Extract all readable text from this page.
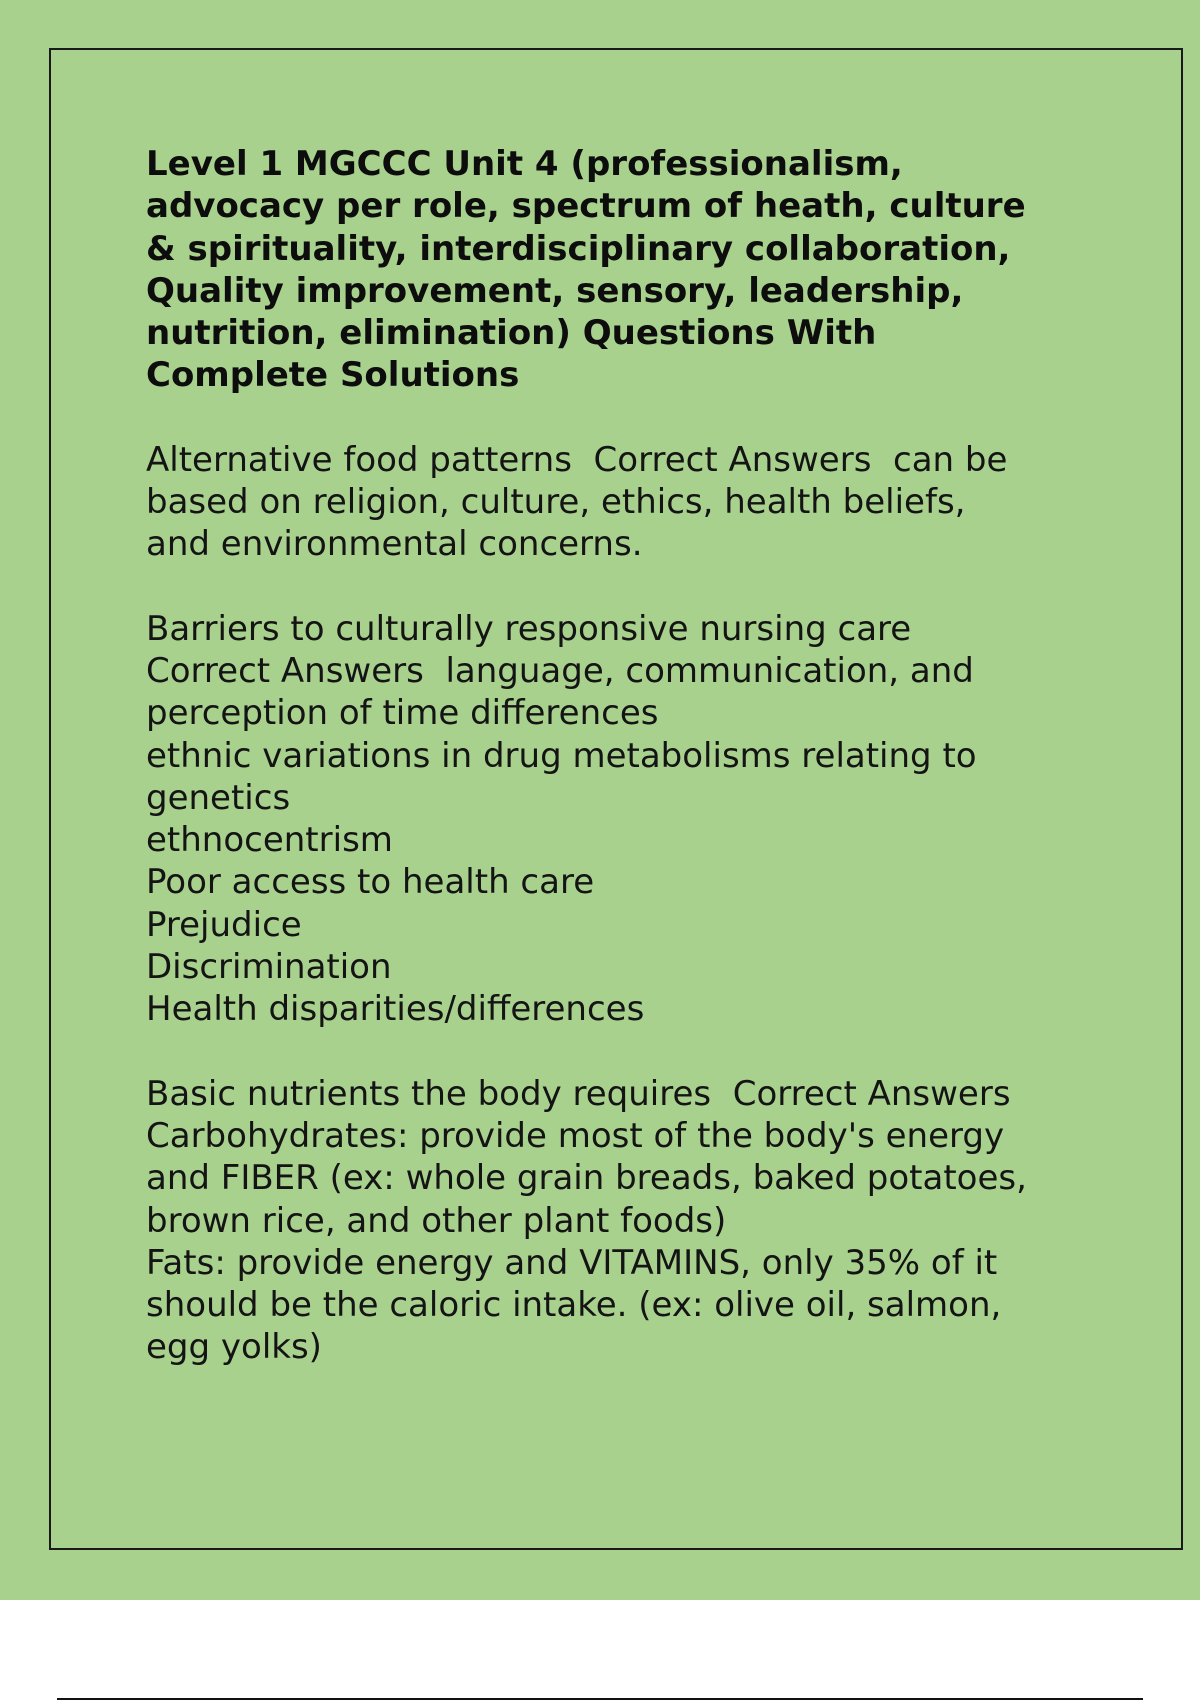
Level 1 MGCCC Unit 4 (professionalism,
advocacy per role, spectrum of heath, culture
& spirituality, interdisciplinary collaboration,
Quality improvement, sensory, leadership,
nutrition, elimination) Questions With
Complete Solutions
Alternative food patterns  Correct Answers  can be
based on religion, culture, ethics, health beliefs,
and environmental concerns.
Barriers to culturally responsive nursing care
Correct Answers  language, communication, and
perception of time differences
ethnic variations in drug metabolisms relating to
genetics
ethnocentrism
Poor access to health care
Prejudice
Discrimination
Health disparities/differences
Basic nutrients the body requires  Correct Answers
Carbohydrates: provide most of the body's energy
and FIBER (ex: whole grain breads, baked potatoes,
brown rice, and other plant foods)
Fats: provide energy and VITAMINS, only 35% of it
should be the caloric intake. (ex: olive oil, salmon,
egg yolks)
